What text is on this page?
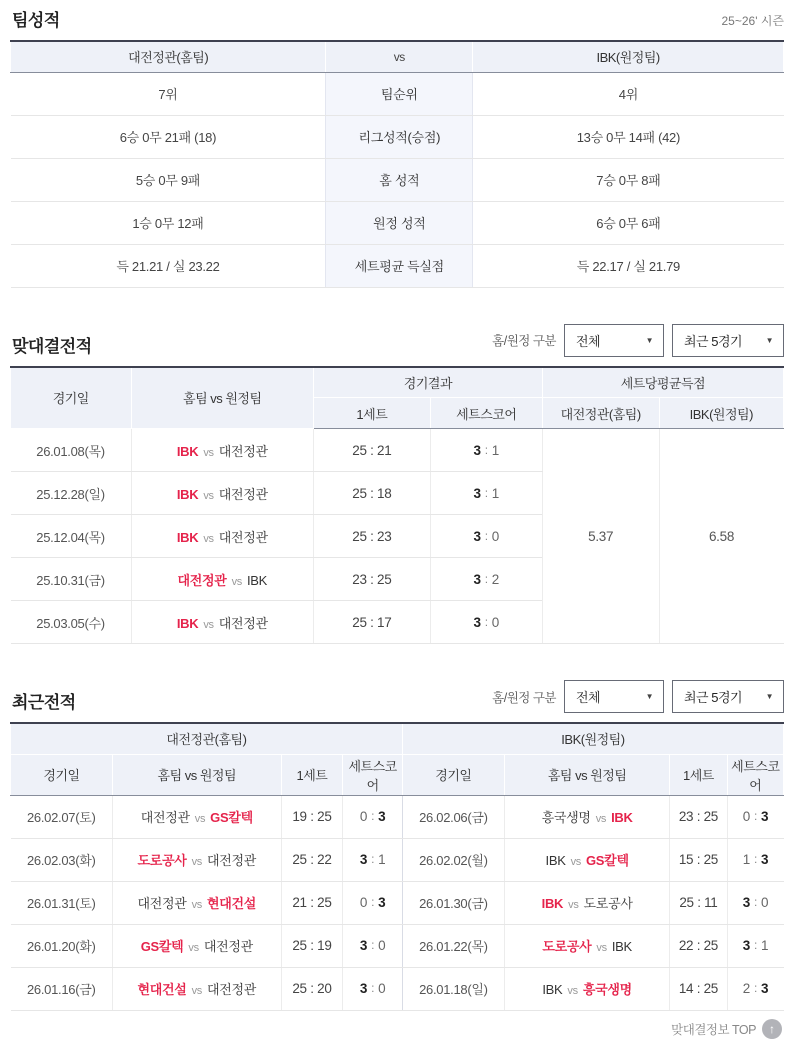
팀성적	25~26' 시즌
대전정관(홈팀)	vs	IBK(원정팀)
7위	팀순위	4위
6승 0무 21패 (18)	리그성적(승점)	13승 0무 14패 (42)
5승 0무 9패	홈 성적	7승 0무 8패
1승 0무 12패	원정 성적	6승 0무 6패
득 21.21 / 실 23.22	세트평균 득실점	득 22.17 / 실 21.79
맞대결전적	홈/원정 구분 전체	▼ 최근 5경기	▼
경기일	홈팀 vs 원정팀	경기결과		세트당평균득점	
		1세트	세트스코어	대전정관(홈팀)	IBK(원정팀)
26.01.08(목)	IBK vs 대전정관	25 : 21	3 : 1	5.37	6.58
25.12.28(일)	IBK vs 대전정관	25 : 18	3 : 1		
25.12.04(목)	IBK vs 대전정관	25 : 23	3 : 0		
25.10.31(금)	대전정관 vs IBK	23 : 25	3 : 2		
25.03.05(수)	IBK vs 대전정관	25 : 17	3 : 0		
최근전적	홈/원정 구분 전체	▼ 최근 5경기	▼
대전정관(홈팀)				IBK(원정팀)			
경기일	홈팀 vs 원정팀	1세트	세트스코어	경기일	홈팀 vs 원정팀	1세트	세트스코어
26.02.07(토)	대전정관 vs GS칼텍	19 : 25	0 : 3	26.02.06(금)	흥국생명 vs IBK	23 : 25	0 : 3
26.02.03(화)	도로공사 vs 대전정관	25 : 22	3 : 1	26.02.02(월)	IBK vs GS칼텍	15 : 25	1 : 3
26.01.31(토)	대전정관 vs 현대건설	21 : 25	0 : 3	26.01.30(금)	IBK vs 도로공사	25 : 11	3 : 0
26.01.20(화)	GS칼텍 vs 대전정관	25 : 19	3 : 0	26.01.22(목)	도로공사 vs IBK	22 : 25	3 : 1
26.01.16(금)	현대건설 vs 대전정관	25 : 20	3 : 0	26.01.18(일)	IBK vs 흥국생명	14 : 25	2 : 3
맞대결정보 TOP ↑
